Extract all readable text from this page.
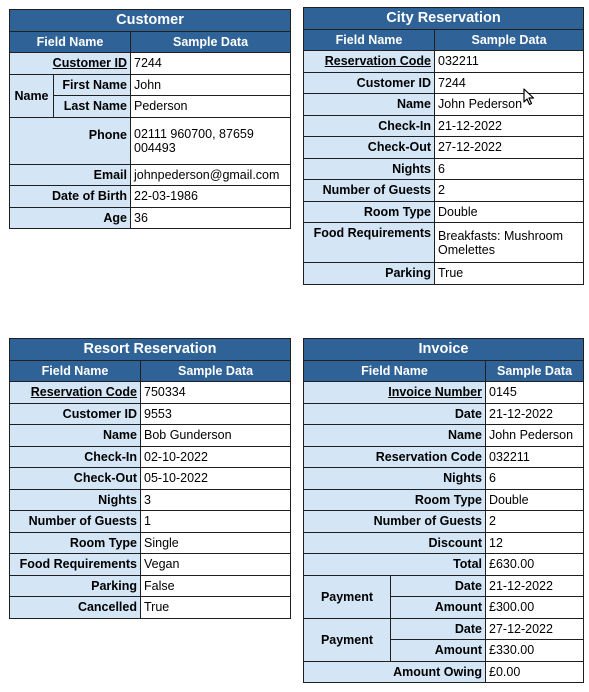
Customer		
Field Name		Sample Data
Customer ID		7244
Name	First Name	John
	Last Name	Pederson
Phone		02111 960700, 87659 004493
Email		johnpederson@gmail.com
Date of Birth		22-03-1986
Age		36
City Reservation	
Field Name	Sample Data
Reservation Code	032211
Customer ID	7244
Name	John Pederson
Check-In	21-12-2022
Check-Out	27-12-2022
Nights	6
Number of Guests	2
Room Type	Double
Food Requirements	Breakfasts: Mushroom Omelettes
Parking	True
Resort Reservation	
Field Name	Sample Data
Reservation Code	750334
Customer ID	9553
Name	Bob Gunderson
Check-In	02-10-2022
Check-Out	05-10-2022
Nights	3
Number of Guests	1
Room Type	Single
Food Requirements	Vegan
Parking	False
Cancelled	True
Invoice		
Field Name		Sample Data
Invoice Number		0145
Date		21-12-2022
Name		John Pederson
Reservation Code		032211
Nights		6
Room Type		Double
Number of Guests		2
Discount		12
Total		£630.00
Payment	Date	21-12-2022
	Amount	£300.00
Payment	Date	27-12-2022
	Amount	£330.00
Amount Owing		£0.00
